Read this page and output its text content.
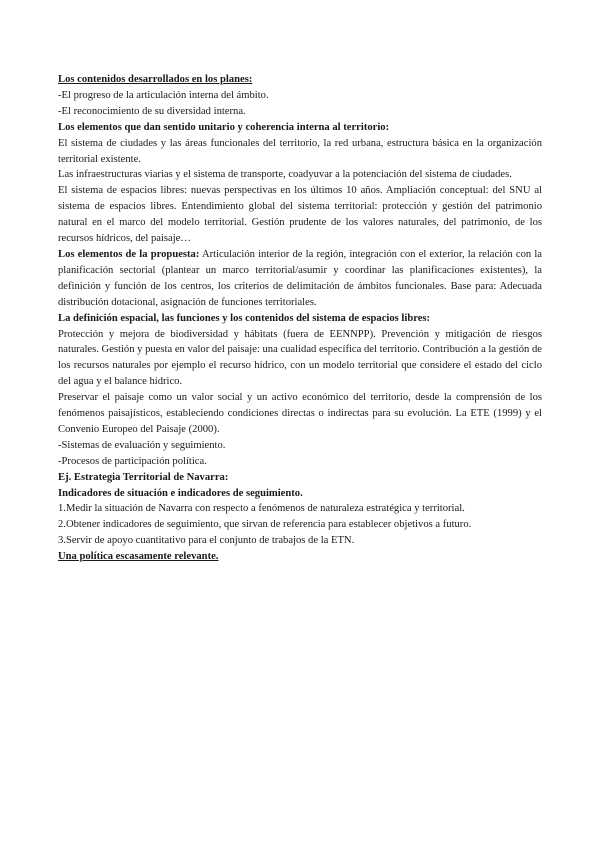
Los contenidos desarrollados en los planes:

-El progreso de la articulación interna del ámbito.

-El reconocimiento de su diversidad interna.

Los elementos que dan sentido unitario y coherencia interna al territorio:

El sistema de ciudades y las áreas funcionales del territorio, la red urbana, estructura básica en la organización territorial existente.

Las infraestructuras viarias y el sistema de transporte, coadyuvar a la potenciación del sistema de ciudades.

El sistema de espacios libres: nuevas perspectivas en los últimos 10 años. Ampliación conceptual: del SNU al sistema de espacios libres. Entendimiento global del sistema territorial: protección y gestión del patrimonio natural en el marco del modelo territorial. Gestión prudente de los valores naturales, del patrimonio, de los recursos hídricos, del paisaje…

Los elementos de la propuesta: Articulación interior de la región, integración con el exterior, la relación con la planificación sectorial (plantear un marco territorial/asumir y coordinar las planificaciones existentes), la definición y función de los centros, los criterios de delimitación de ámbitos funcionales. Base para: Adecuada distribución dotacional, asignación de funciones territoriales.

La definición espacial, las funciones y los contenidos del sistema de espacios libres:

Protección y mejora de biodiversidad y hábitats (fuera de EENNPP). Prevención y mitigación de riesgos naturales. Gestión y puesta en valor del paisaje: una cualidad específica del territorio. Contribución a la gestión de los recursos naturales por ejemplo el recurso hídrico, con un modelo territorial que considere el estado del ciclo del agua y el balance hídrico.

Preservar el paisaje como un valor social y un activo económico del territorio, desde la comprensión de los fenómenos paisajísticos, estableciendo condiciones directas o indirectas para su evolución. La ETE (1999) y el Convenio Europeo del Paisaje (2000).

-Sistemas de evaluación y seguimiento.

-Procesos de participación política.

Ej. Estrategia Territorial de Navarra:

Indicadores de situación e indicadores de seguimiento.

1.Medir la situación de Navarra con respecto a fenómenos de naturaleza estratégica y territorial.

2.Obtener indicadores de seguimiento, que sirvan de referencia para establecer objetivos a futuro.

3.Servir de apoyo cuantitativo para el conjunto de trabajos de la ETN.

Una política escasamente relevante.
